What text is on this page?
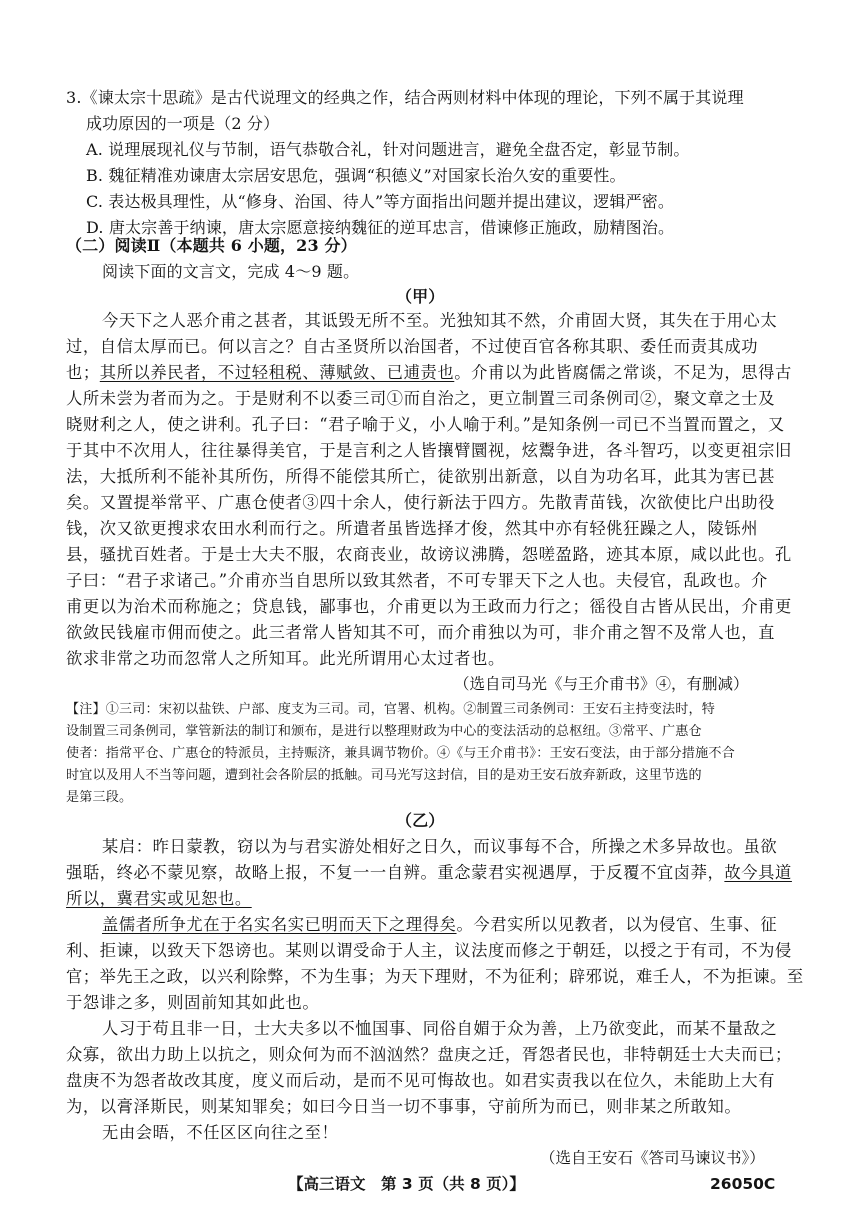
3.《谏太宗十思疏》是古代说理文的经典之作，结合两则材料中体现的理论，下列不属于其说理
成功原因的一项是（2 分）
A. 说理展现礼仪与节制，语气恭敬合礼，针对问题进言，避免全盘否定，彰显节制。
B. 魏征精准劝谏唐太宗居安思危，强调“积德义”对国家长治久安的重要性。
C. 表达极具理性，从“修身、治国、待人”等方面指出问题并提出建议，逻辑严密。
D. 唐太宗善于纳谏，唐太宗愿意接纳魏征的逆耳忠言，借谏修正施政，励精图治。
（二）阅读Ⅱ（本题共 6 小题，23 分）
阅读下面的文言文，完成 4～9 题。
（甲）
今天下之人恶介甫之甚者，其诋毁无所不至。光独知其不然，介甫固大贤，其失在于用心太
过，自信太厚而已。何以言之？自古圣贤所以治国者，不过使百官各称其职、委任而责其成功
也；其所以养民者，不过轻租税、薄赋敛、已逋责也。介甫以为此皆腐儒之常谈，不足为，思得古
人所未尝为者而为之。于是财利不以委三司①而自治之，更立制置三司条例司②，聚文章之士及
晓财利之人，使之讲利。孔子曰：“君子喻于义，小人喻于利。”是知条例一司已不当置而置之，又
于其中不次用人，往往暴得美官，于是言利之人皆攘臂圜视，炫鬻争进，各斗智巧，以变更祖宗旧
法，大抵所利不能补其所伤，所得不能偿其所亡，徒欲别出新意，以自为功名耳，此其为害已甚
矣。又置提举常平、广惠仓使者③四十余人，使行新法于四方。先散青苗钱，次欲使比户出助役
钱，次又欲更搜求农田水利而行之。所遣者虽皆选择才俊，然其中亦有轻佻狂躁之人，陵铄州
县，骚扰百姓者。于是士大夫不服，农商丧业，故谤议沸腾，怨嗟盈路，迹其本原，咸以此也。孔
子曰：“君子求诸己。”介甫亦当自思所以致其然者，不可专罪天下之人也。夫侵官，乱政也。介
甫更以为治术而称施之；贷息钱，鄙事也，介甫更以为王政而力行之；徭役自古皆从民出，介甫更
欲敛民钱雇市佣而使之。此三者常人皆知其不可，而介甫独以为可，非介甫之智不及常人也，直
欲求非常之功而忽常人之所知耳。此光所谓用心太过者也。
（选自司马光《与王介甫书》④，有删减）
【注】①三司：宋初以盐铁、户部、度支为三司。司，官署、机构。②制置三司条例司：王安石主持变法时，特
设制置三司条例司，掌管新法的制订和颁布，是进行以整理财政为中心的变法活动的总枢纽。③常平、广惠仓
使者：指常平仓、广惠仓的特派员，主持赈济，兼具调节物价。④《与王介甫书》：王安石变法，由于部分措施不合
时宜以及用人不当等问题，遭到社会各阶层的抵触。司马光写这封信，目的是劝王安石放弃新政，这里节选的
是第三段。
（乙）
某启：昨日蒙教，窃以为与君实游处相好之日久，而议事每不合，所操之术多异故也。虽欲
强聒，终必不蒙见察，故略上报，不复一一自辨。重念蒙君实视遇厚，于反覆不宜卤莽，故今具道
所以，冀君实或见恕也。
盖儒者所争尤在于名实名实已明而天下之理得矣。今君实所以见教者，以为侵官、生事、征
利、拒谏，以致天下怨谤也。某则以谓受命于人主，议法度而修之于朝廷，以授之于有司，不为侵
官；举先王之政，以兴利除弊，不为生事；为天下理财，不为征利；辟邪说，难壬人，不为拒谏。至
于怨诽之多，则固前知其如此也。
人习于苟且非一日，士大夫多以不恤国事、同俗自媚于众为善，上乃欲变此，而某不量敌之
众寡，欲出力助上以抗之，则众何为而不汹汹然？盘庚之迁，胥怨者民也，非特朝廷士大夫而已；
盘庚不为怨者故改其度，度义而后动，是而不见可悔故也。如君实责我以在位久，未能助上大有
为，以膏泽斯民，则某知罪矣；如曰今日当一切不事事，守前所为而已，则非某之所敢知。
无由会晤，不任区区向往之至！
（选自王安石《答司马谏议书》）
【高三语文　第 3 页（共 8 页）】	26050C
